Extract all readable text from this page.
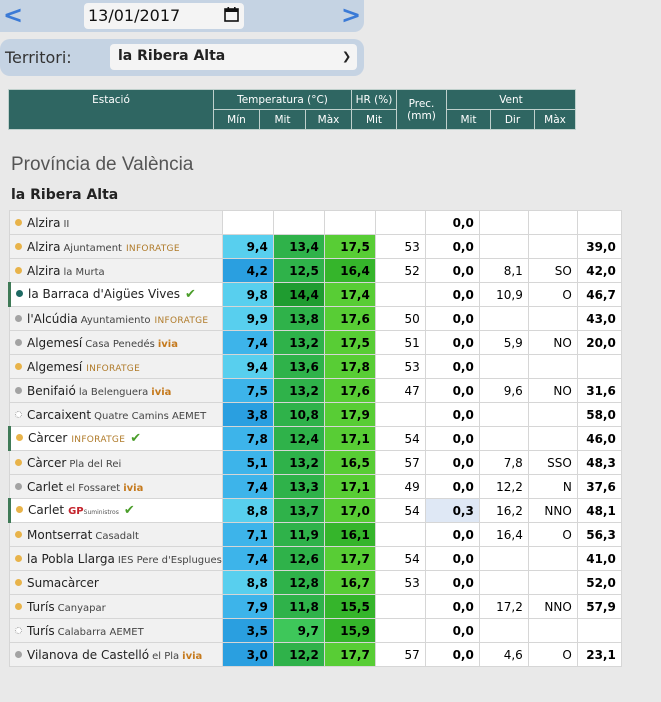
<	13/01/2017	>
Territori:	la Ribera Alta	❯
Estació	Temperatura (°C)			HR (%)	Prec. (mm)	Vent		
	Mín	Mit	Màx	Mit		Mit	Dir	Màx
Província de València
la Ribera Alta
Alzira II					0,0			
Alzira Ajuntament INFORATGE	9,4	13,4	17,5	53	0,0			39,0
Alzira la Murta	4,2	12,5	16,4	52	0,0	8,1	SO	42,0
la Barraca d'Aigües Vives ✔	9,8	14,4	17,4		0,0	10,9	O	46,7
l'Alcúdia Ayuntamiento INFORATGE	9,9	13,8	17,6	50	0,0			43,0
Algemesí Casa Penedés ivia	7,4	13,2	17,5	51	0,0	5,9	NO	20,0
Algemesí INFORATGE	9,4	13,6	17,8	53	0,0			
Benifaió la Belenguera ivia	7,5	13,2	17,6	47	0,0	9,6	NO	31,6
Carcaixent Quatre Camins AEMET	3,8	10,8	17,9		0,0			58,0
Càrcer INFORATGE ✔	7,8	12,4	17,1	54	0,0			46,0
Càrcer Pla del Rei	5,1	13,2	16,5	57	0,0	7,8	SSO	48,3
Carlet el Fossaret ivia	7,4	13,3	17,1	49	0,0	12,2	N	37,6
Carlet GPSuministros ✔	8,8	13,7	17,0	54	0,3	16,2	NNO	48,1
Montserrat Casadalt	7,1	11,9	16,1		0,0	16,4	O	56,3
la Pobla Llarga IES Pere d'Esplugues	7,4	12,6	17,7	54	0,0			41,0
Sumacàrcer	8,8	12,8	16,7	53	0,0			52,0
Turís Canyapar	7,9	11,8	15,5		0,0	17,2	NNO	57,9
Turís Calabarra AEMET	3,5	9,7	15,9		0,0			
Vilanova de Castelló el Pla ivia	3,0	12,2	17,7	57	0,0	4,6	O	23,1
